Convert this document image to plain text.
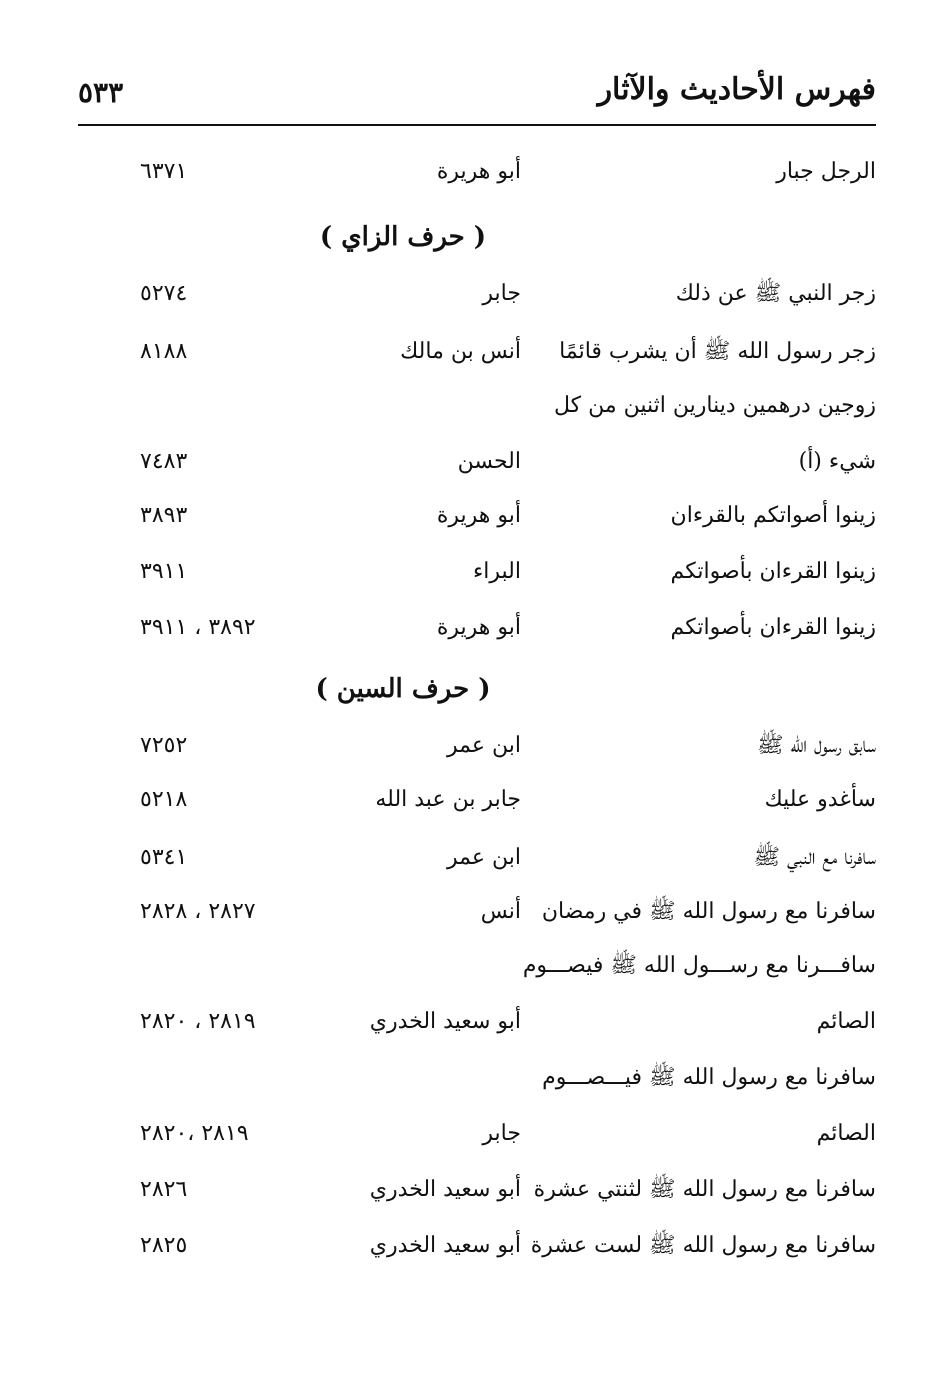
فهرس الأحاديث والآثار
٥٣٣
الرجل جبار
أبو هريرة
٦٣٧١
( حرف الزاي )
زجر النبي ﷺ عن ذلك
جابر
٥٢٧٤
زجر رسول الله ﷺ أن يشرب قائمًا
أنس بن مالك
٨١٨٨
زوجين درهمين دينارين اثنين من كل
شيء (أ)
الحسن
٧٤٨٣
زينوا أصواتكم بالقرءان
أبو هريرة
٣٨٩٣
زينوا القرءان بأصواتكم
البراء
٣٩١١
زينوا القرءان بأصواتكم
أبو هريرة
٣٨٩٢ ، ٣٩١١
( حرف السين )
سابق رسول الله ﷺ
ابن عمر
٧٢٥٢
سأغدو عليك
جابر بن عبد الله
٥٢١٨
سافرنا مع النبي ﷺ
ابن عمر
٥٣٤١
سافرنا مع رسول الله ﷺ في رمضان
أنس
٢٨٢٧ ، ٢٨٢٨
سافـــرنا مع رســـول الله ﷺ فيصـــوم
الصائم
أبو سعيد الخدري
٢٨١٩ ، ٢٨٢٠
سافرنا مع رسول الله ﷺ فيـــصـــوم
الصائم
جابر
٢٨١٩ ،٢٨٢٠
سافرنا مع رسول الله ﷺ لثنتي عشرة
أبو سعيد الخدري
٢٨٢٦
سافرنا مع رسول الله ﷺ لست عشرة
أبو سعيد الخدري
٢٨٢٥
